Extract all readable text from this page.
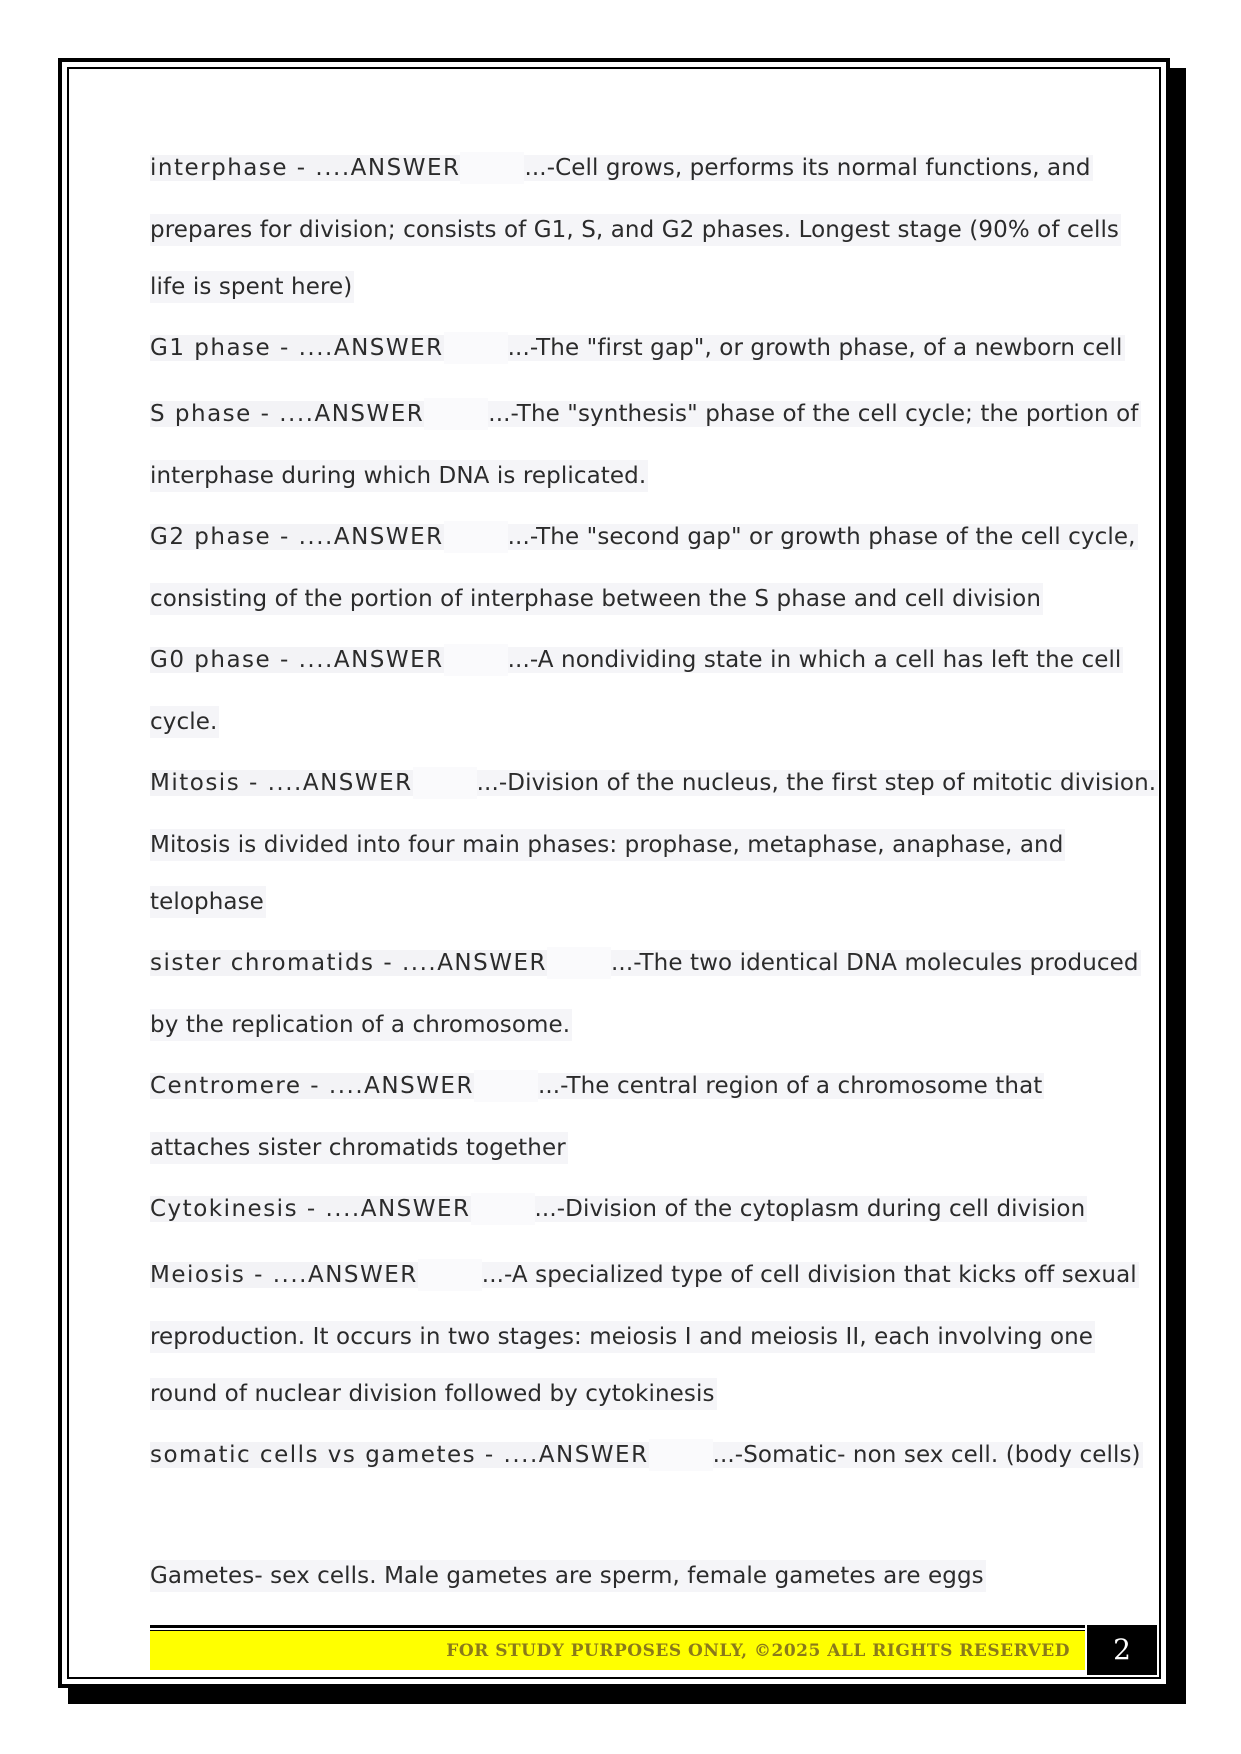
interphase - ....ANSWER	...-Cell grows, performs its normal functions, and
prepares for division; consists of G1, S, and G2 phases. Longest stage (90% of cells
life is spent here)
G1 phase - ....ANSWER	...-The "first gap", or growth phase, of a newborn cell
S phase - ....ANSWER	...-The "synthesis" phase of the cell cycle; the portion of
interphase during which DNA is replicated.
G2 phase - ....ANSWER	...-The "second gap" or growth phase of the cell cycle,
consisting of the portion of interphase between the S phase and cell division
G0 phase - ....ANSWER	...-A nondividing state in which a cell has left the cell
cycle.
Mitosis - ....ANSWER	...-Division of the nucleus, the first step of mitotic division.
Mitosis is divided into four main phases: prophase, metaphase, anaphase, and
telophase
sister chromatids - ....ANSWER	...-The two identical DNA molecules produced
by the replication of a chromosome.
Centromere - ....ANSWER	...-The central region of a chromosome that
attaches sister chromatids together
Cytokinesis - ....ANSWER	...-Division of the cytoplasm during cell division
Meiosis - ....ANSWER	...-A specialized type of cell division that kicks off sexual
reproduction. It occurs in two stages: meiosis I and meiosis II, each involving one
round of nuclear division followed by cytokinesis
somatic cells vs gametes - ....ANSWER	...-Somatic- non sex cell. (body cells)
Gametes- sex cells. Male gametes are sperm, female gametes are eggs
FOR STUDY PURPOSES ONLY, ©2025 ALL RIGHTS RESERVED	2
